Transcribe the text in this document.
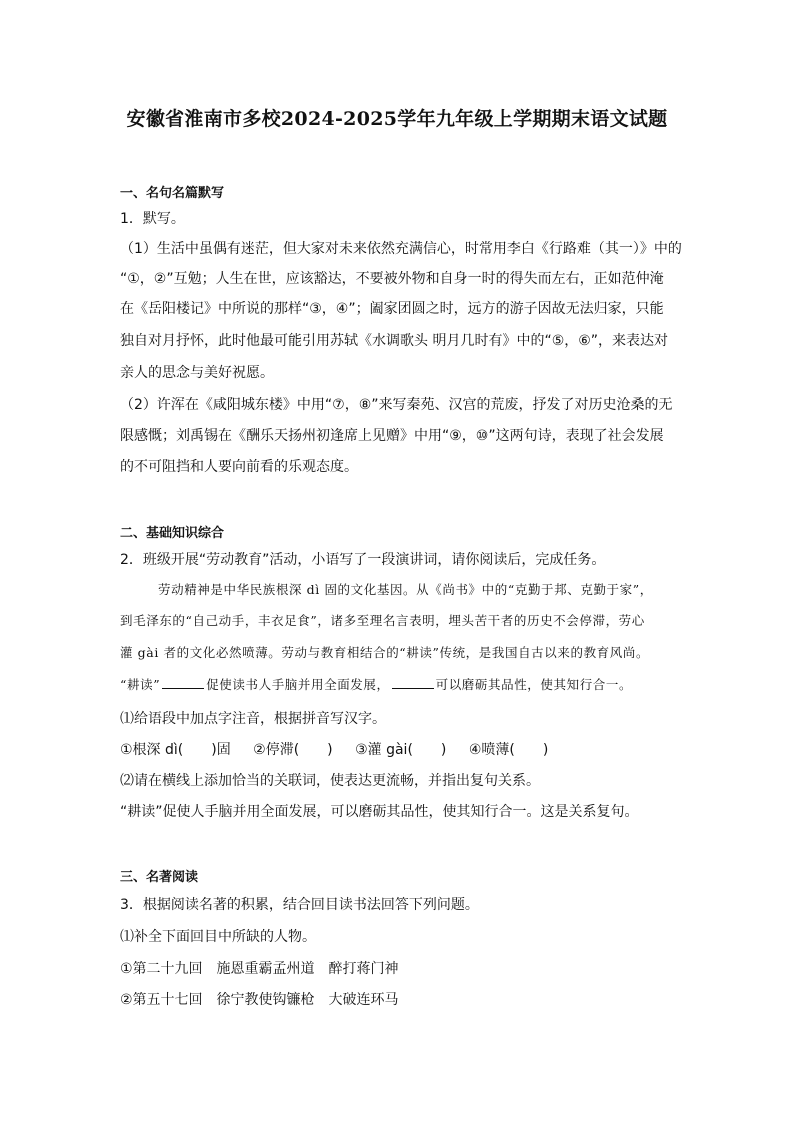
安徽省淮南市多校2024-2025学年九年级上学期期末语文试题
一、名句名篇默写
1．默写。
（1）生活中虽偶有迷茫，但大家对未来依然充满信心，时常用李白《行路难（其一）》中的
“①，②”互勉；人生在世，应该豁达，不要被外物和自身一时的得失而左右，正如范仲淹
在《岳阳楼记》中所说的那样“③，④”；阖家团圆之时，远方的游子因故无法归家，只能
独自对月抒怀，此时他最可能引用苏轼《水调歌头 明月几时有》中的“⑤，⑥”，来表达对
亲人的思念与美好祝愿。
（2）许浑在《咸阳城东楼》中用“⑦，⑧”来写秦苑、汉宫的荒废，抒发了对历史沧桑的无
限感慨；刘禹锡在《酬乐天扬州初逢席上见赠》中用“⑨，⑩”这两句诗，表现了社会发展
的不可阻挡和人要向前看的乐观态度。
二、基础知识综合
2．班级开展“劳动教育”活动，小语写了一段演讲词，请你阅读后，完成任务。
劳动精神是中华民族根深 dì 固的文化基因。从《尚书》中的“克勤于邦、克勤于家”，
到毛泽东的“自己动手，丰衣足食”，诸多至理名言表明，埋头苦干者的历史不会停滞，劳心
灌 gài 者的文化必然喷薄。劳动与教育相结合的“耕读”传统，是我国自古以来的教育风尚。
“耕读”	促使读书人手脑并用全面发展，	可以磨砺其品性，使其知行合一。
⑴给语段中加点字注音，根据拼音写汉字。
①根深 dì(　　)固 ②停滞(　　) ③灌 gài(　　) ④喷薄(　　)
⑵请在横线上添加恰当的关联词，使表达更流畅，并指出复句关系。
“耕读”促使人手脑并用全面发展，可以磨砺其品性，使其知行合一。这是关系复句。
三、名著阅读
3．根据阅读名著的积累，结合回目读书法回答下列问题。
⑴补全下面回目中所缺的人物。
①第二十九回　施恩重霸孟州道　醉打蒋门神
②第五十七回　徐宁教使钩镰枪　大破连环马
